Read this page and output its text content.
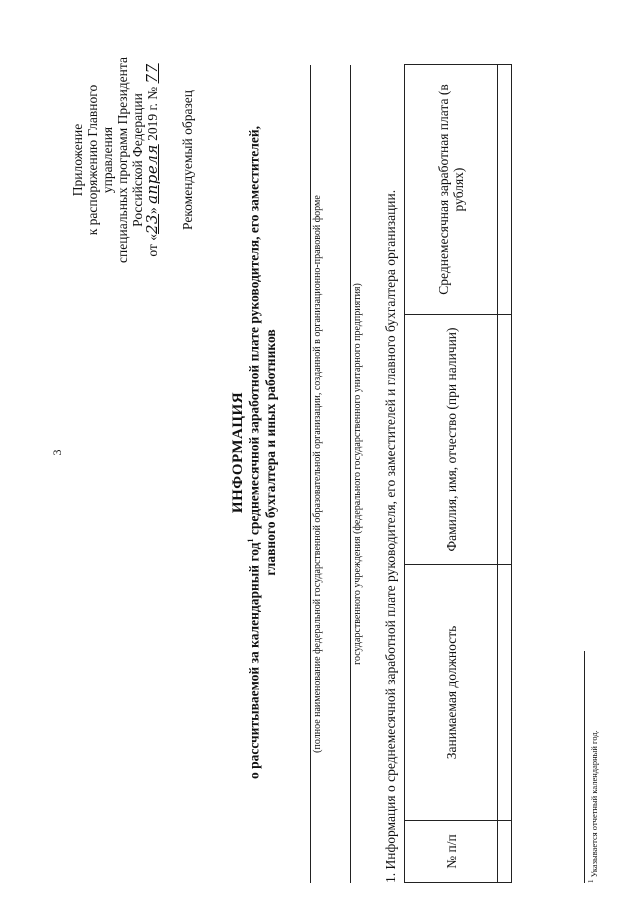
3
Приложение к распоряжению Главного управления специальных программ Президента Российской Федерации
от «23» апреля 2019 г. № 77
Рекомендуемый образец
ИНФОРМАЦИЯ
о рассчитываемой за календарный год$^1$ среднемесячной заработной плате руководителя, его заместителей, главного бухгалтера и иных работников	(полное наименование федеральной государственной образовательной организации, созданной в организационно-правовой форме	государственного учреждения (федерального государственного унитарного предприятия) 1. Информация о среднемесячной заработной плате руководителя, его заместителей и главного бухгалтера организации.	№ п/п	Занимаемая должность	Фамилия, имя, отчество (при наличии)	Среднемесячная заработная плата (в рублях)

$^1$ Указывается отчетный календарный год.
